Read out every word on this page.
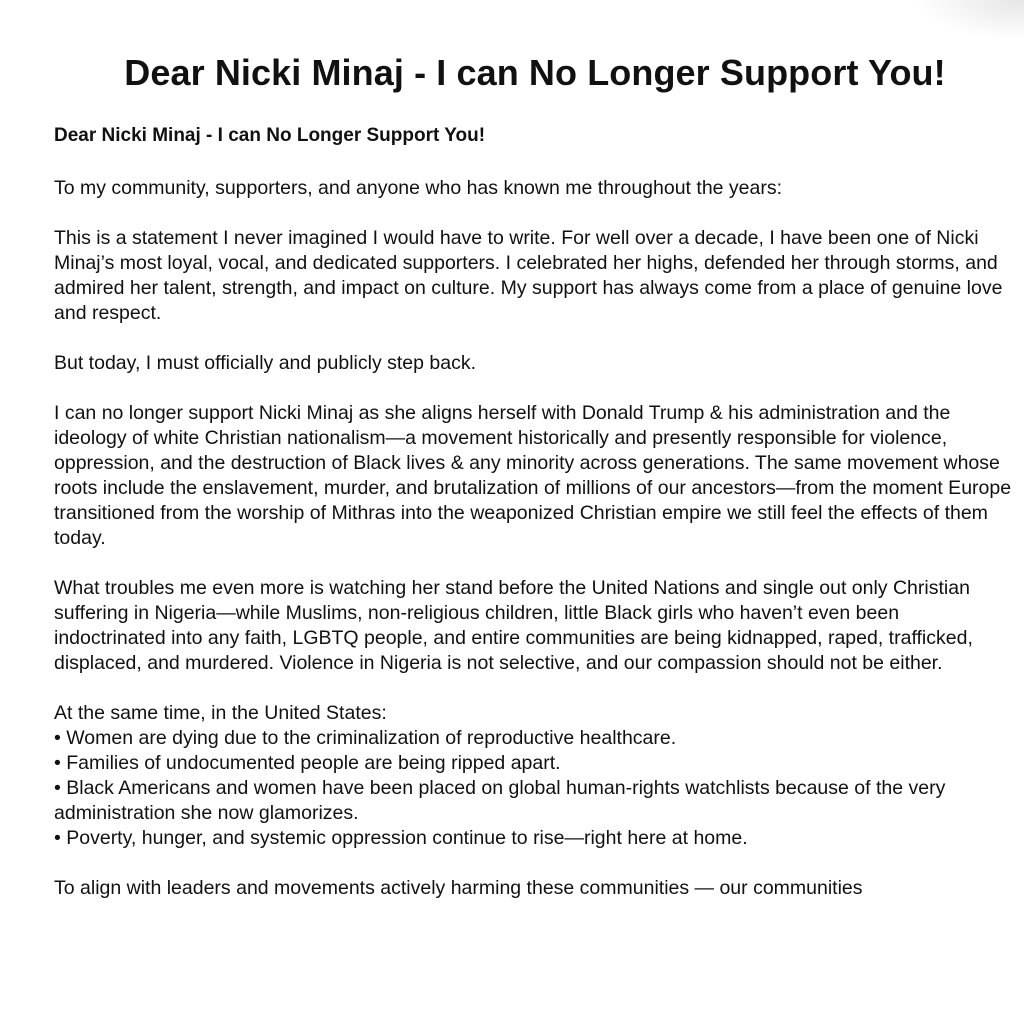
Dear Nicki Minaj - I can No Longer Support You!
Dear Nicki Minaj - I can No Longer Support You!

To my community, supporters, and anyone who has known me throughout the years:

This is a statement I never imagined I would have to write. For well over a decade, I have been one of Nicki Minaj’s most loyal, vocal, and dedicated supporters. I celebrated her highs, defended her through storms, and admired her talent, strength, and impact on culture. My support has always come from a place of genuine love and respect.

But today, I must officially and publicly step back.

I can no longer support Nicki Minaj as she aligns herself with Donald Trump & his administration and the ideology of white Christian nationalism—a movement historically and presently responsible for violence, oppression, and the destruction of Black lives & any minority across generations. The same movement whose roots include the enslavement, murder, and brutalization of millions of our ancestors—from the moment Europe transitioned from the worship of Mithras into the weaponized Christian empire we still feel the effects of them today.

What troubles me even more is watching her stand before the United Nations and single out only Christian suffering in Nigeria—while Muslims, non-religious children, little Black girls who haven’t even been indoctrinated into any faith, LGBTQ people, and entire communities are being kidnapped, raped, trafficked, displaced, and murdered. Violence in Nigeria is not selective, and our compassion should not be either.

At the same time, in the United States:
• Women are dying due to the criminalization of reproductive healthcare.
• Families of undocumented people are being ripped apart.
• Black Americans and women have been placed on global human-rights watchlists because of the very administration she now glamorizes.
• Poverty, hunger, and systemic oppression continue to rise—right here at home.

To align with leaders and movements actively harming these communities — our communities
